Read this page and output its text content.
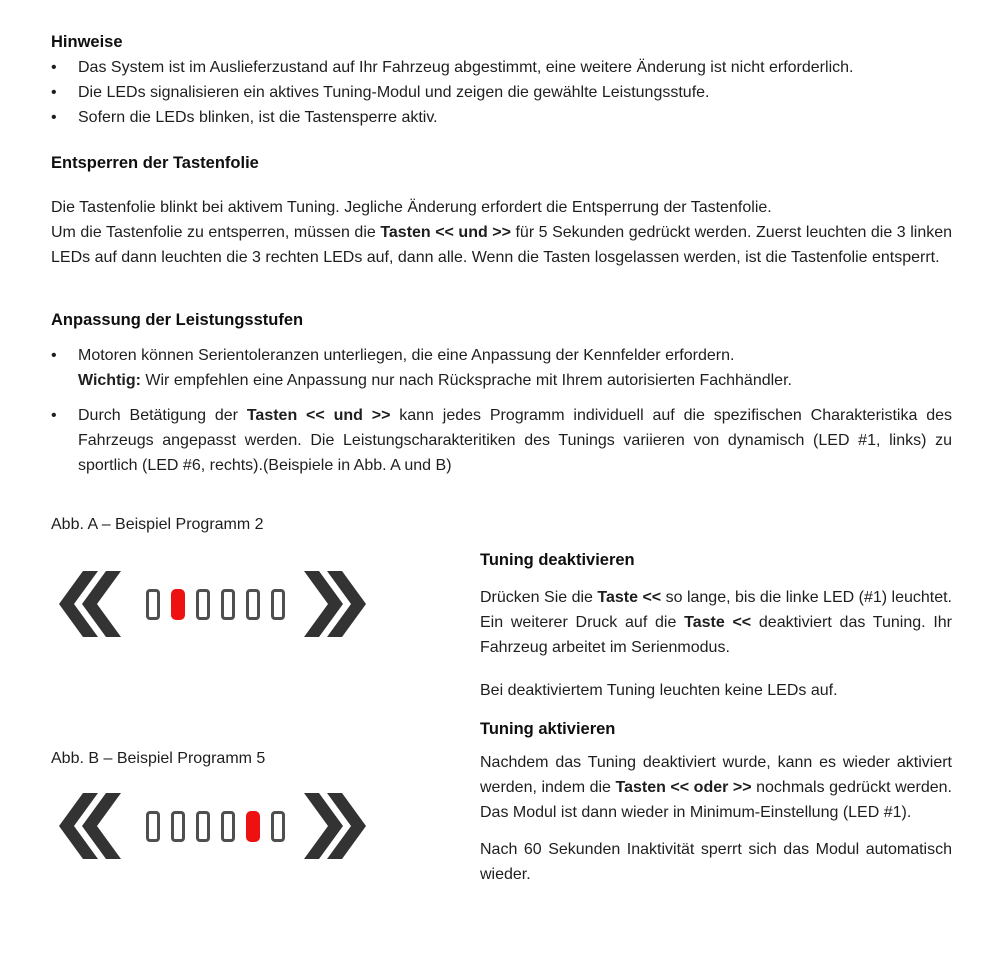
Hinweise
•	Das System ist im Auslieferzustand auf Ihr Fahrzeug abgestimmt, eine weitere Änderung ist nicht erforderlich.
•	Die LEDs signalisieren ein aktives Tuning-Modul und zeigen die gewählte Leistungsstufe.
•	Sofern die LEDs blinken, ist die Tastensperre aktiv.
Entsperren der Tastenfolie

Die Tastenfolie blinkt bei aktivem Tuning. Jegliche Änderung erfordert die Entsperrung der Tastenfolie.

Um die Tastenfolie zu entsperren, müssen die Tasten << und >> für 5 Sekunden gedrückt werden. Zuerst leuchten die 3 linken LEDs auf dann leuchten die 3 rechten LEDs auf, dann alle. Wenn die Tasten losgelassen werden, ist die Tastenfolie entsperrt.

Anpassung der Leistungsstufen
•	Motoren können Serientoleranzen unterliegen, die eine Anpassung der Kennfelder erfordern.
Wichtig: Wir empfehlen eine Anpassung nur nach Rücksprache mit Ihrem autorisierten Fachhändler.
•	Durch Betätigung der Tasten << und >> kann jedes Programm individuell auf die spezifischen Charakteristika des Fahrzeugs angepasst werden. Die Leistungscharakteritiken des Tunings variieren von dynamisch (LED #1, links) zu sportlich (LED #6, rechts).(Beispiele in Abb. A und B)
Abb. A – Beispiel Programm 2
Abb. B – Beispiel Programm 5
Tuning deaktivieren

Drücken Sie die Taste << so lange, bis die linke LED (#1) leuchtet. Ein weiterer Druck auf die Taste << deaktiviert das Tuning. Ihr Fahrzeug arbeitet im Serienmodus.

Bei deaktiviertem Tuning leuchten keine LEDs auf.

Tuning aktivieren

Nachdem das Tuning deaktiviert wurde, kann es wieder aktiviert werden, indem die Tasten << oder >> nochmals gedrückt werden. Das Modul ist dann wieder in Minimum-Einstellung (LED #1).

Nach 60 Sekunden Inaktivität sperrt sich das Modul automatisch wieder.
